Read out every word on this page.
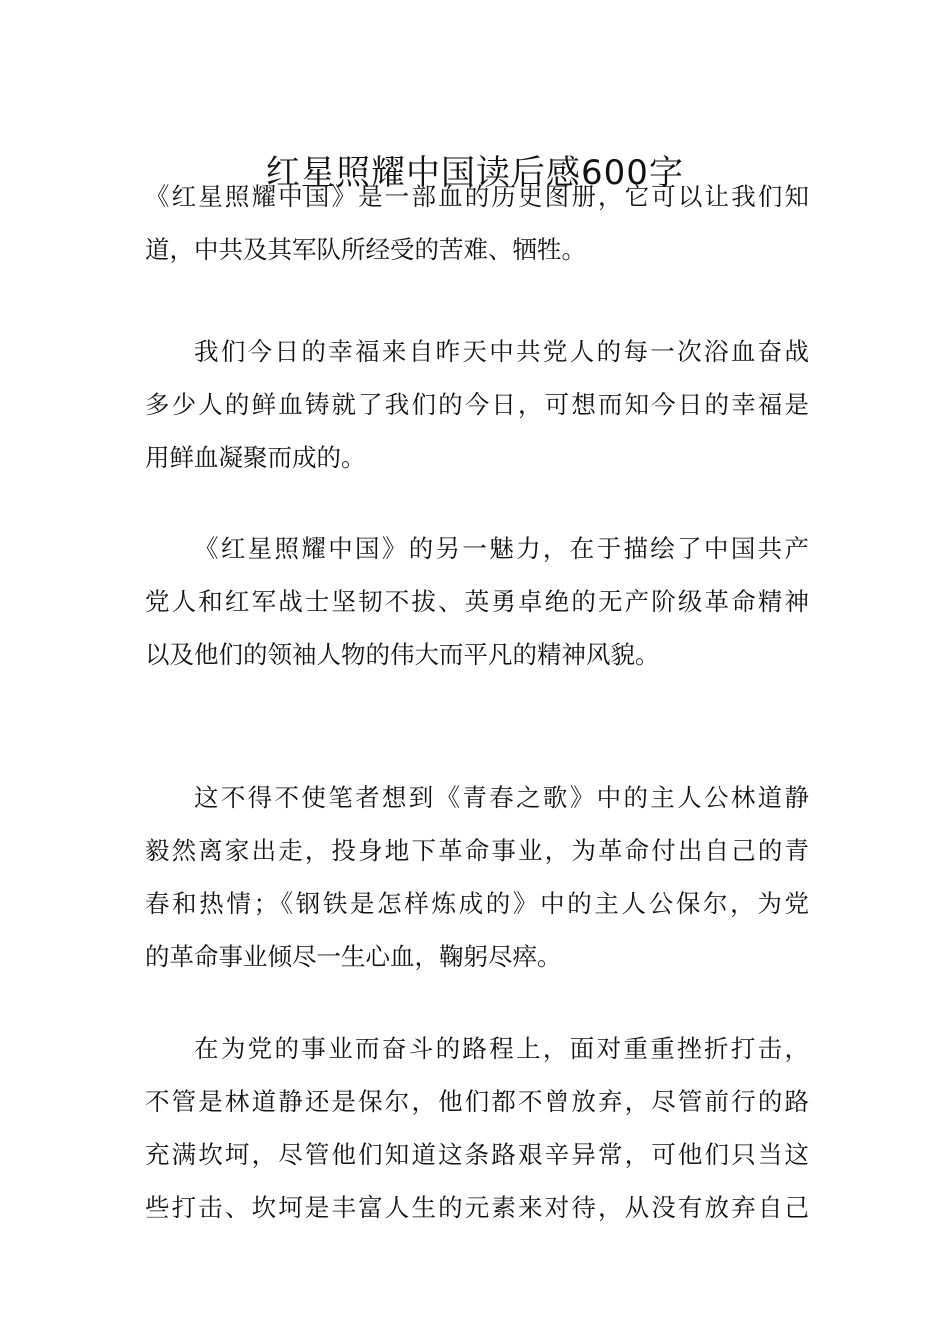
红星照耀中国读后感600字

《红星照耀中国》是一部血的历史图册，它可以让我们知
道，中共及其军队所经受的苦难、牺牲。

我们今日的幸福来自昨天中共党人的每一次浴血奋战
多少人的鲜血铸就了我们的今日，可想而知今日的幸福是
用鲜血凝聚而成的。

《红星照耀中国》的另一魅力，在于描绘了中国共产
党人和红军战士坚韧不拔、英勇卓绝的无产阶级革命精神
以及他们的领袖人物的伟大而平凡的精神风貌。

这不得不使笔者想到《青春之歌》中的主人公林道静
毅然离家出走，投身地下革命事业，为革命付出自己的青
春和热情；《钢铁是怎样炼成的》中的主人公保尔，为党
的革命事业倾尽一生心血，鞠躬尽瘁。

在为党的事业而奋斗的路程上，面对重重挫折打击，
不管是林道静还是保尔，他们都不曾放弃，尽管前行的路
充满坎坷，尽管他们知道这条路艰辛异常，可他们只当这
些打击、坎坷是丰富人生的元素来对待，从没有放弃自己
